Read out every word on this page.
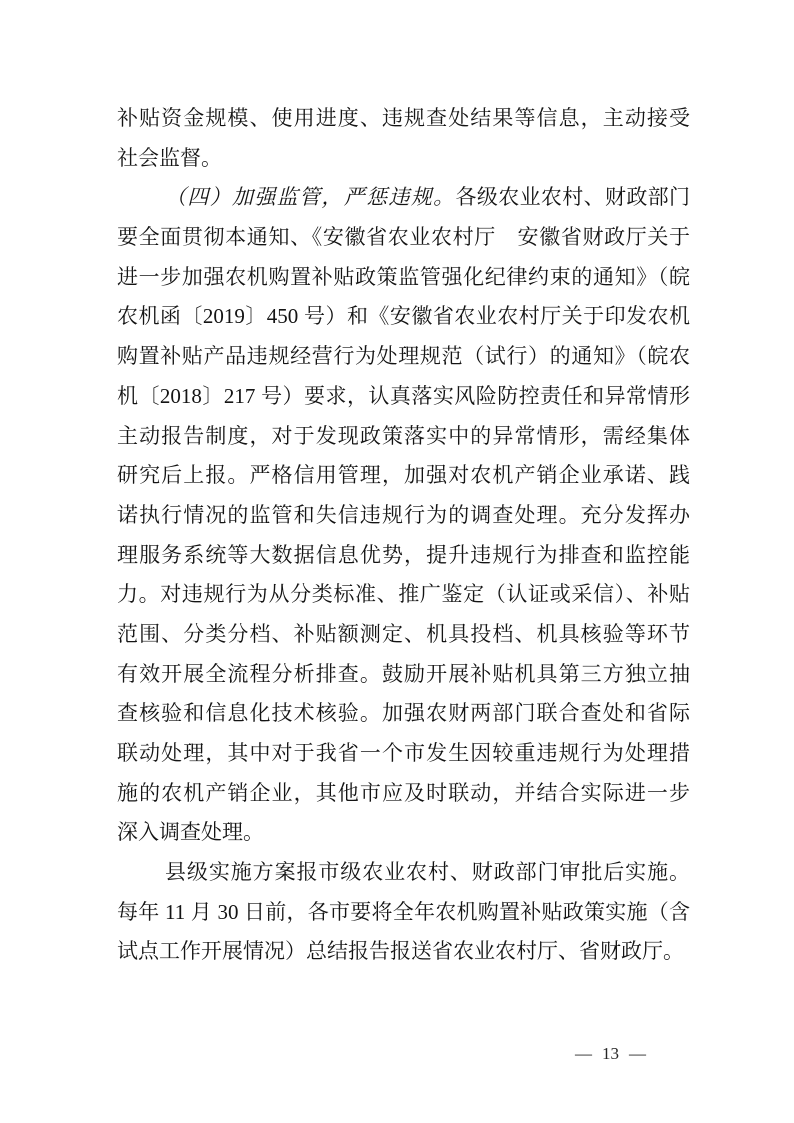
补贴资金规模、使用进度、违规查处结果等信息，主动接受
社会监督。
（四）加强监管，严惩违规。各级农业农村、财政部门
要全面贯彻本通知、《安徽省农业农村厅　安徽省财政厅关于
进一步加强农机购置补贴政策监管强化纪律约束的通知》（皖
农机函〔2019〕450 号）和《安徽省农业农村厅关于印发农机
购置补贴产品违规经营行为处理规范（试行）的通知》（皖农
机〔2018〕217 号）要求，认真落实风险防控责任和异常情形
主动报告制度，对于发现政策落实中的异常情形，需经集体
研究后上报。严格信用管理，加强对农机产销企业承诺、践
诺执行情况的监管和失信违规行为的调查处理。充分发挥办
理服务系统等大数据信息优势，提升违规行为排查和监控能
力。对违规行为从分类标准、推广鉴定（认证或采信）、补贴
范围、分类分档、补贴额测定、机具投档、机具核验等环节
有效开展全流程分析排查。鼓励开展补贴机具第三方独立抽
查核验和信息化技术核验。加强农财两部门联合查处和省际
联动处理，其中对于我省一个市发生因较重违规行为处理措
施的农机产销企业，其他市应及时联动，并结合实际进一步
深入调查处理。
县级实施方案报市级农业农村、财政部门审批后实施。
每年 11 月 30 日前，各市要将全年农机购置补贴政策实施（含
试点工作开展情况）总结报告报送省农业农村厅、省财政厅。
— 13 —
